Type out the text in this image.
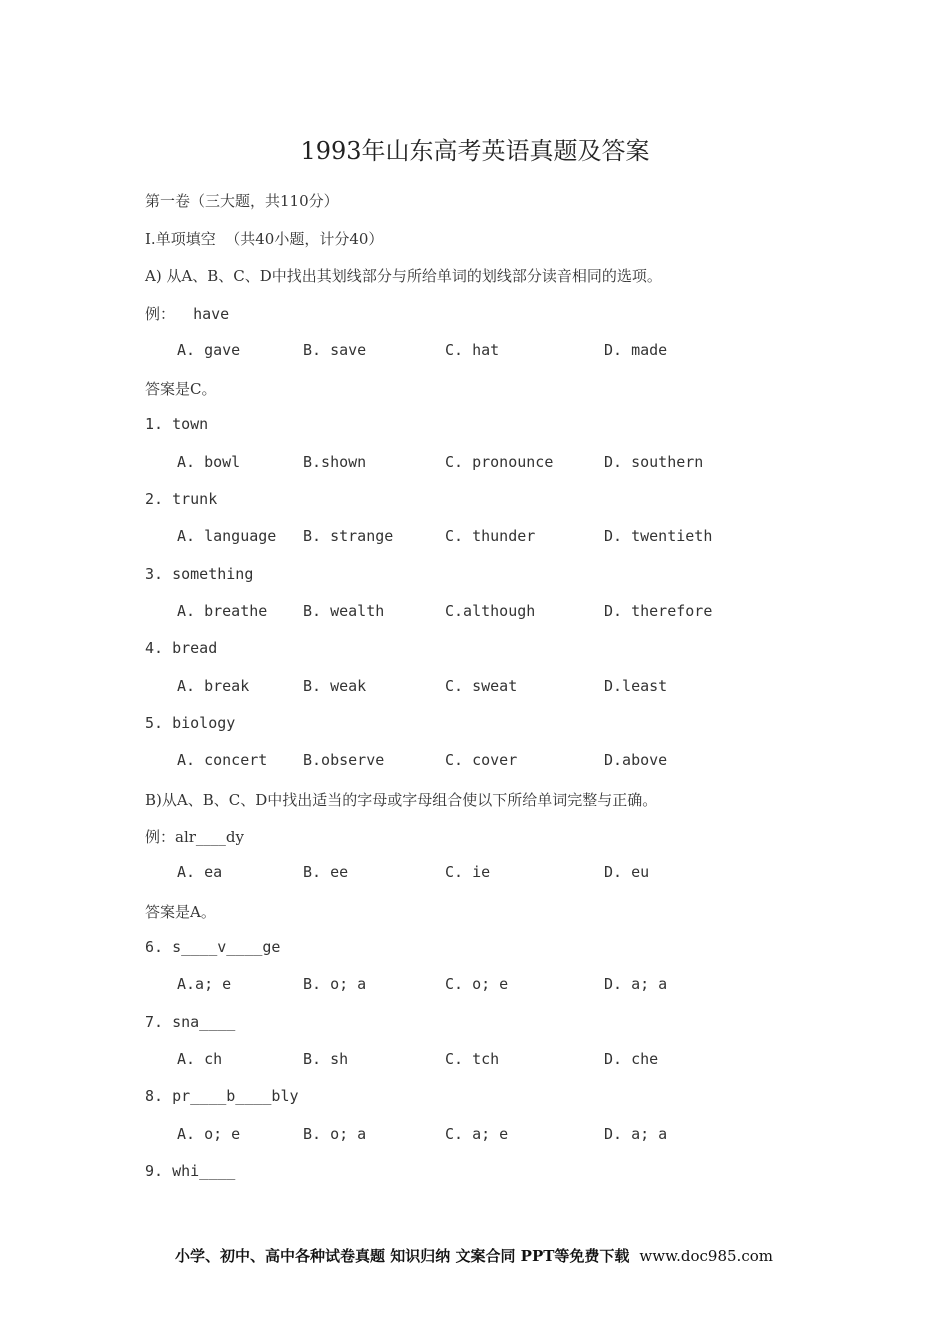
1993年山东高考英语真题及答案
第一卷（三大题，共110分）
Ⅰ.单项填空  （共40小题，计分40）
A) 从A、B、C、D中找出其划线部分与所给单词的划线部分读音相同的选项。
例：  have
A. gave	B. save	C. hat	D. made
答案是C。
1. town
A. bowl	B.shown	C. pronounce	D. southern
2. trunk
A. language B. strange	C. thunder	D. twentieth
3. something
A. breathe B. wealth	C.although	D. therefore
4. bread
A. break	B. weak	C. sweat	D.least
5. biology
A. concert B.observe	C. cover	D.above
B)从A、B、C、D中找出适当的字母或字母组合使以下所给单词完整与正确。
例：alr____dy
A. ea	B. ee	C. ie	D. eu
答案是A。
6. s____v____ge
A.a; e	B. o; a	C. o; e	D. a; a
7. sna____
A. ch	B. sh	C. tch	D. che
8. pr____b____bly
A. o; e	B. o; a	C. a; e	D. a; a
9. whi____
小学、初中、高中各种试卷真题 知识归纳 文案合同 PPT等免费下载 www.doc985.com
